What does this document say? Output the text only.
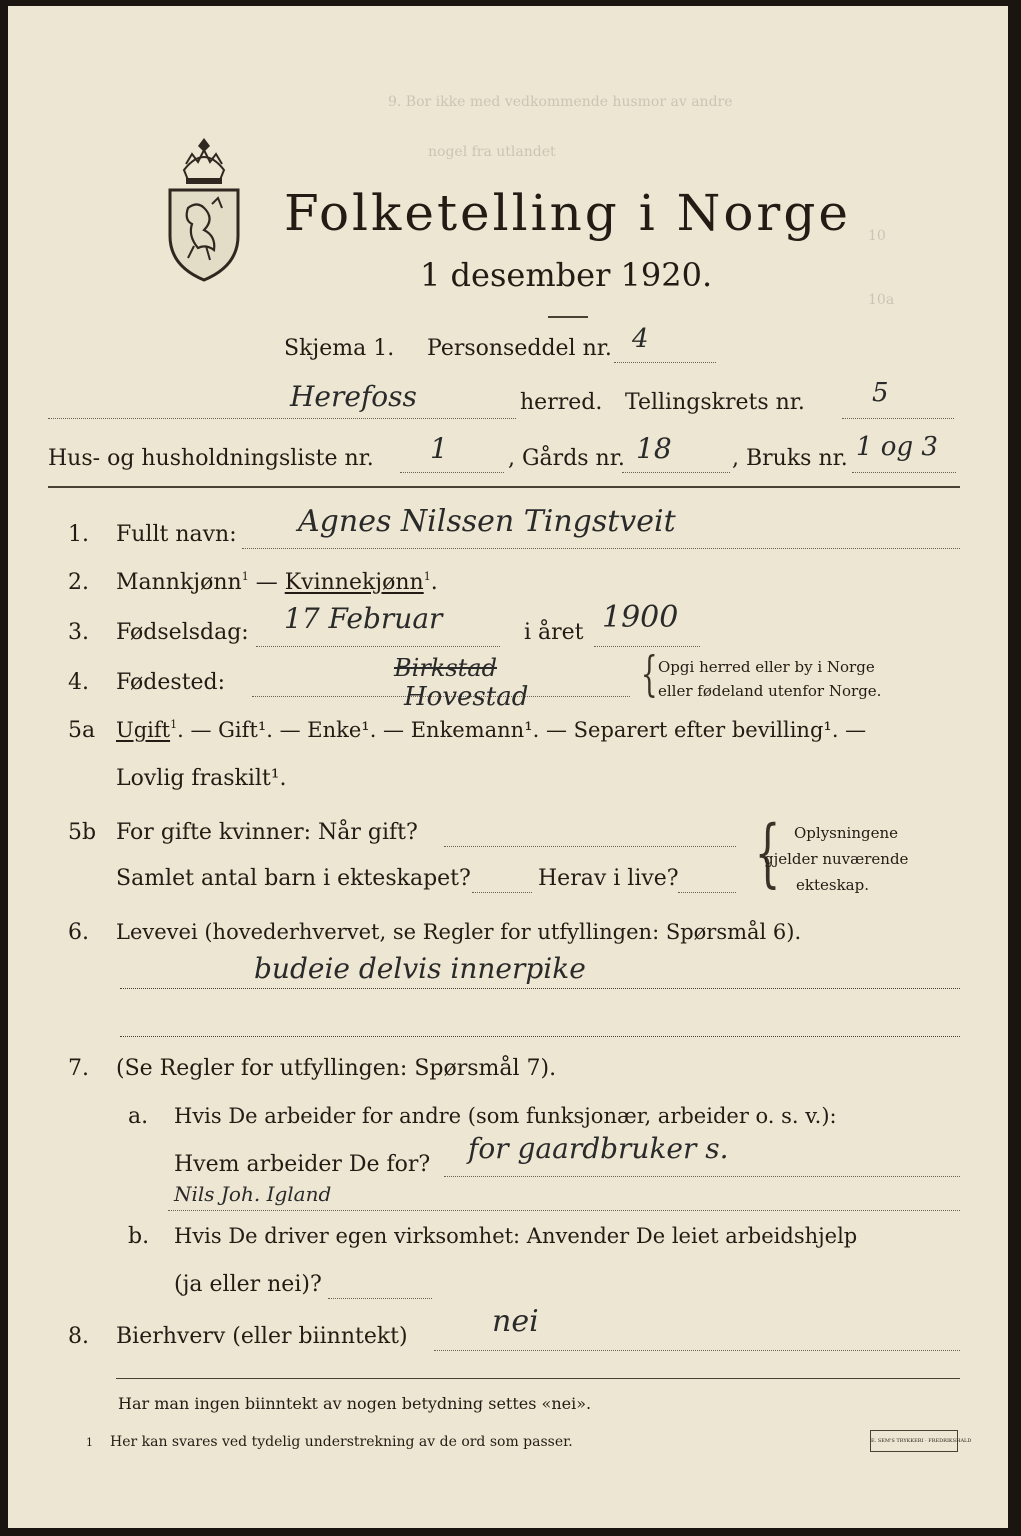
9. Bor ikke med vedkommende husmor av andre
nogel fra utlandet
10
10a
Folketelling i Norge
1 desember 1920.
Skjema 1. Personseddel nr. 4
Herefoss	herred. Tellingskrets nr.	5
Hus- og husholdningsliste nr. 1	, Gårds nr. 18	, Bruks nr. 1 og 3
1. Fullt navn: Agnes Nilssen Tingstveit
2. Mannkjønn$^1$ — Kvinnekjønn$^1$.
3. Fødselsdag: 17 Februar	i året 1900
4. Fødested:
Birkstad
Hovestad { Opgi herred eller by i Norge
eller fødeland utenfor Norge.
5a Ugift$^1$. — Gift¹. — Enke¹. — Enkemann¹. — Separert efter bevilling¹. —
Lovlig fraskilt¹.
5b For gifte kvinner: Når gift?
Samlet antal barn i ekteskapet?	Herav i live? { Oplysningene
gjelder nuværende
ekteskap.
6. Levevei (hovederhvervet, se Regler for utfyllingen: Spørsmål 6).
budeie delvis innerpike
7. (Se Regler for utfyllingen: Spørsmål 7).
a. Hvis De arbeider for andre (som funksjonær, arbeider o. s. v.):
Hvem arbeider De for? for gaardbruker s.
Nils Joh. Igland
b. Hvis De driver egen virksomhet: Anvender De leiet arbeidshjelp
(ja eller nei)?
8. Bierhverv (eller biinntekt)	nei
Har man ingen biinntekt av nogen betydning settes «nei».
1 Her kan svares ved tydelig understrekning av de ord som passer.	E. SEM'S TRYKKERI · FREDRIKSHALD
